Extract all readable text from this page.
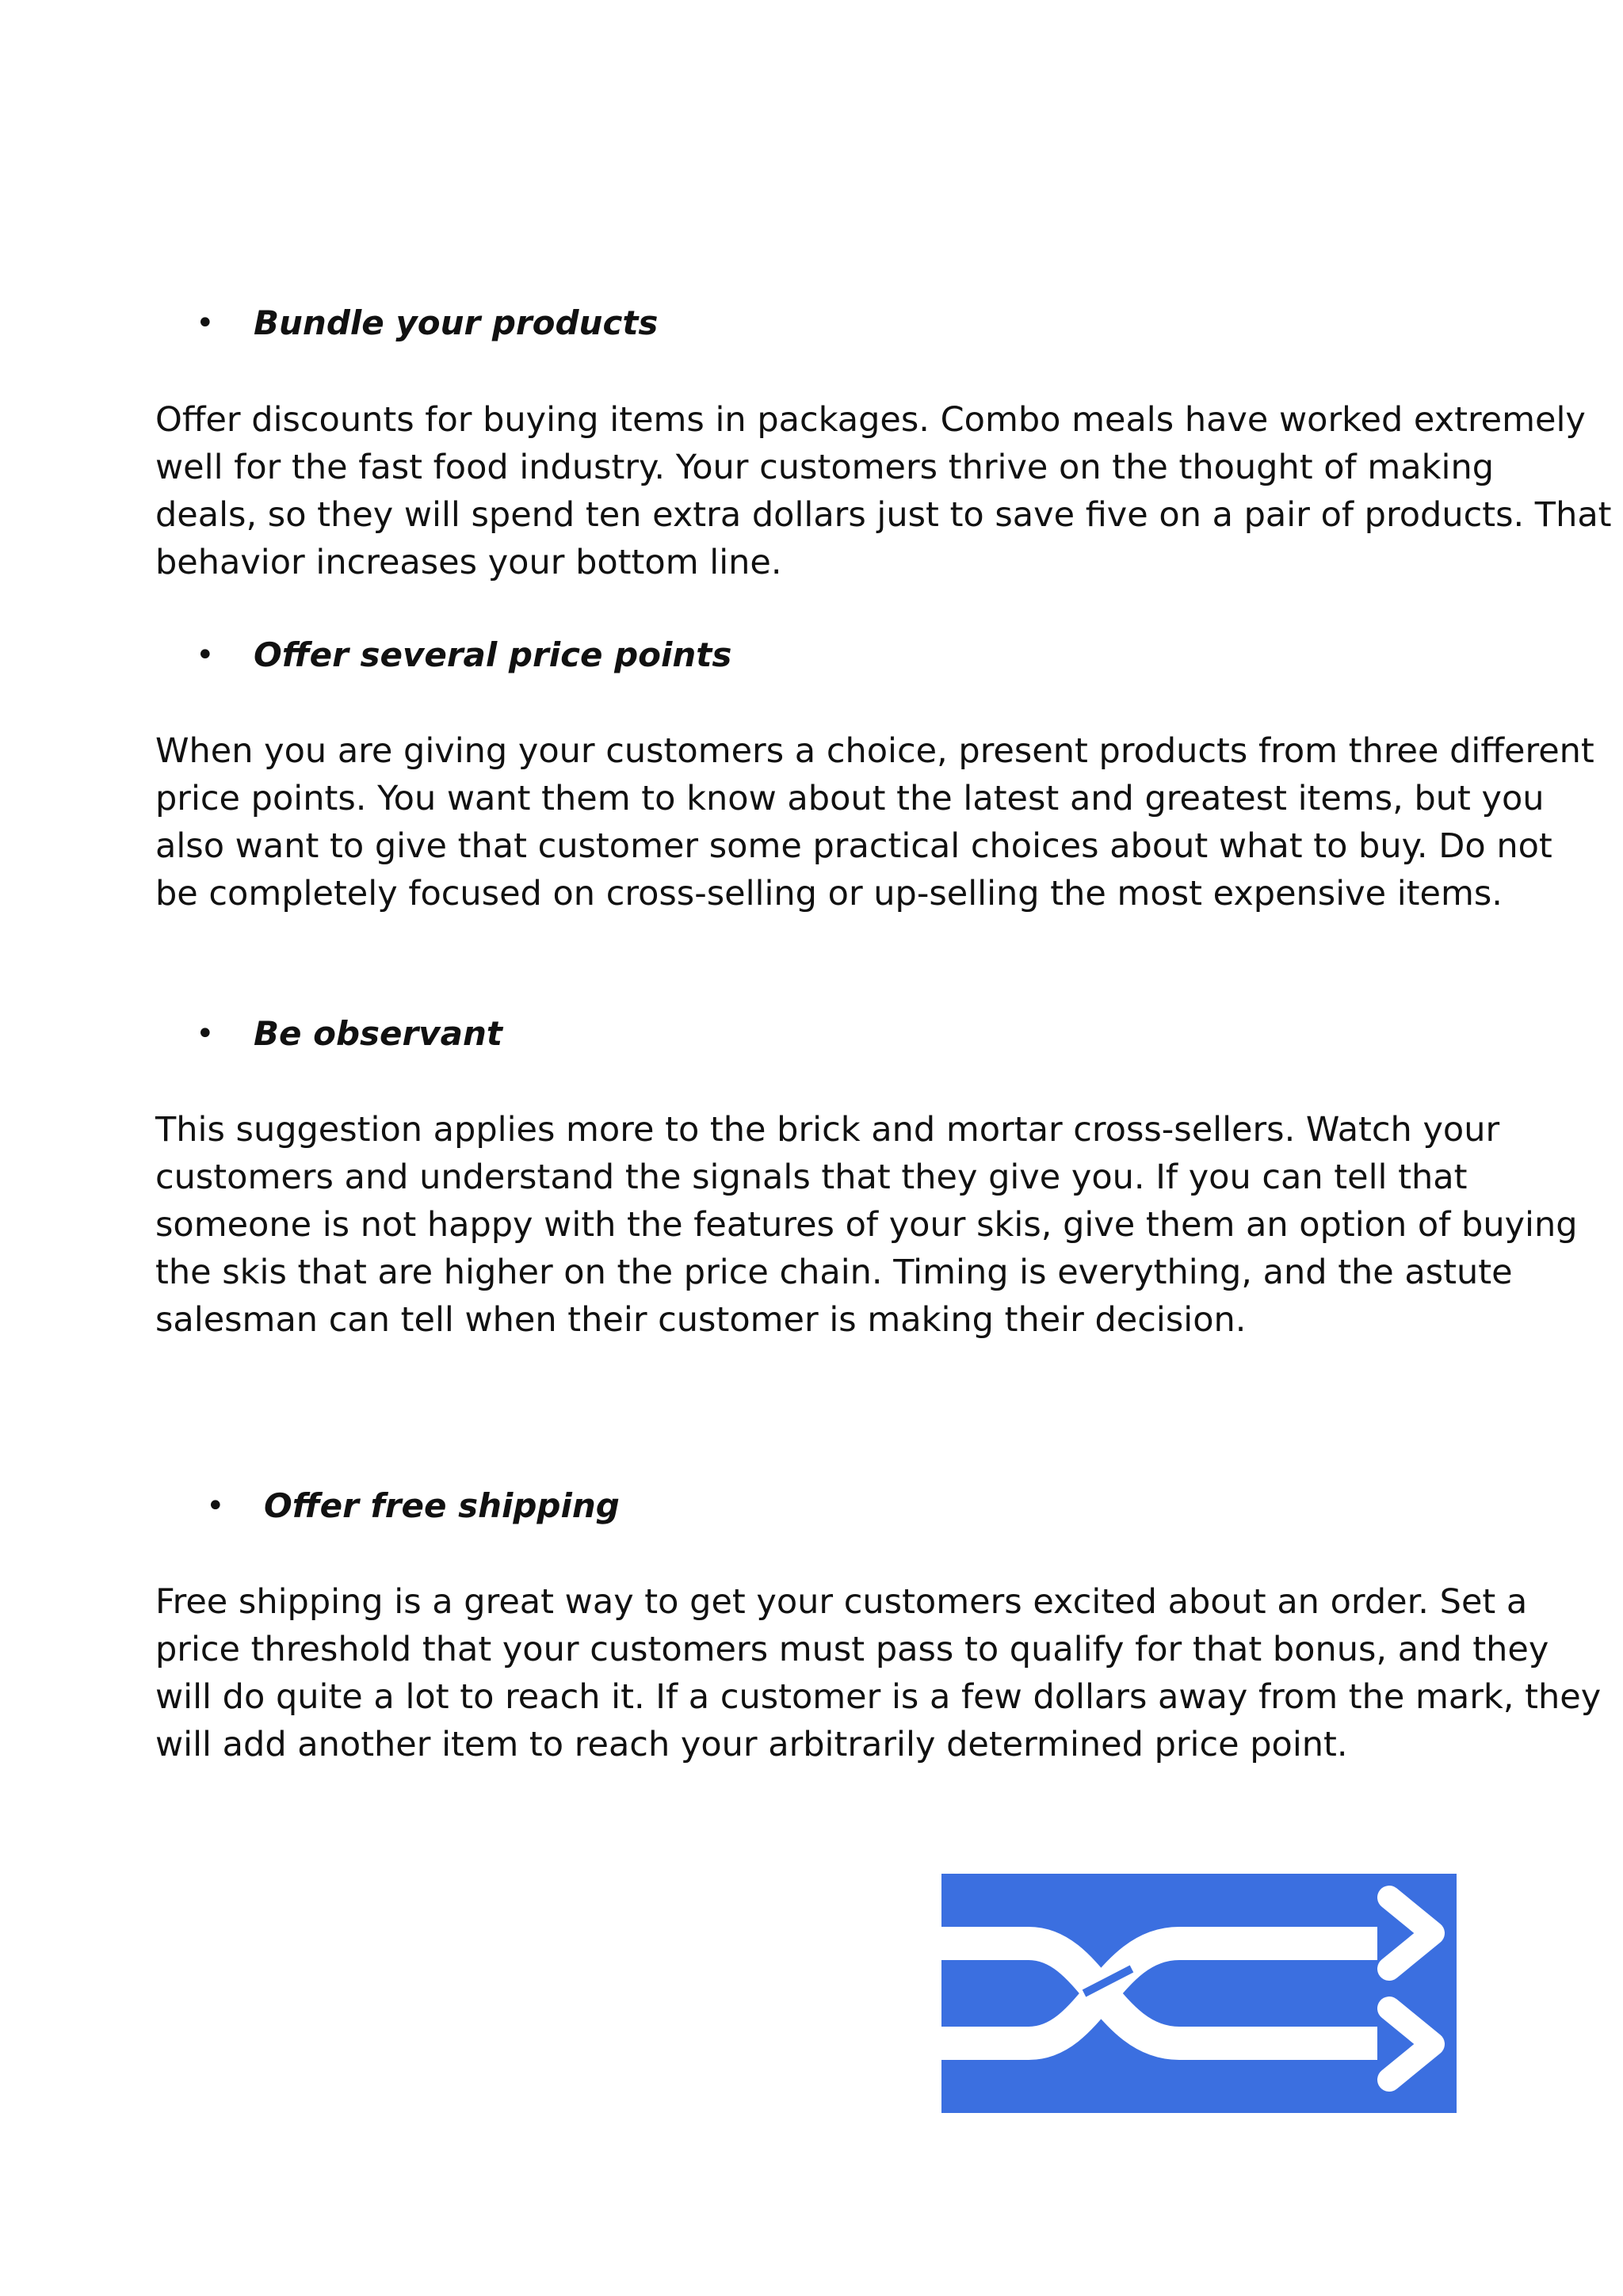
• Bundle your products

Offer discounts for buying items in packages. Combo meals have worked extremely
well for the fast food industry. Your customers thrive on the thought of making
deals, so they will spend ten extra dollars just to save five on a pair of products. That
behavior increases your bottom line.

• Offer several price points

When you are giving your customers a choice, present products from three different
price points. You want them to know about the latest and greatest items, but you
also want to give that customer some practical choices about what to buy. Do not
be completely focused on cross-selling or up-selling the most expensive items.

• Be observant

This suggestion applies more to the brick and mortar cross-sellers. Watch your
customers and understand the signals that they give you. If you can tell that
someone is not happy with the features of your skis, give them an option of buying
the skis that are higher on the price chain. Timing is everything, and the astute
salesman can tell when their customer is making their decision.

• Offer free shipping

Free shipping is a great way to get your customers excited about an order. Set a
price threshold that your customers must pass to qualify for that bonus, and they
will do quite a lot to reach it. If a customer is a few dollars away from the mark, they
will add another item to reach your arbitrarily determined price point.
